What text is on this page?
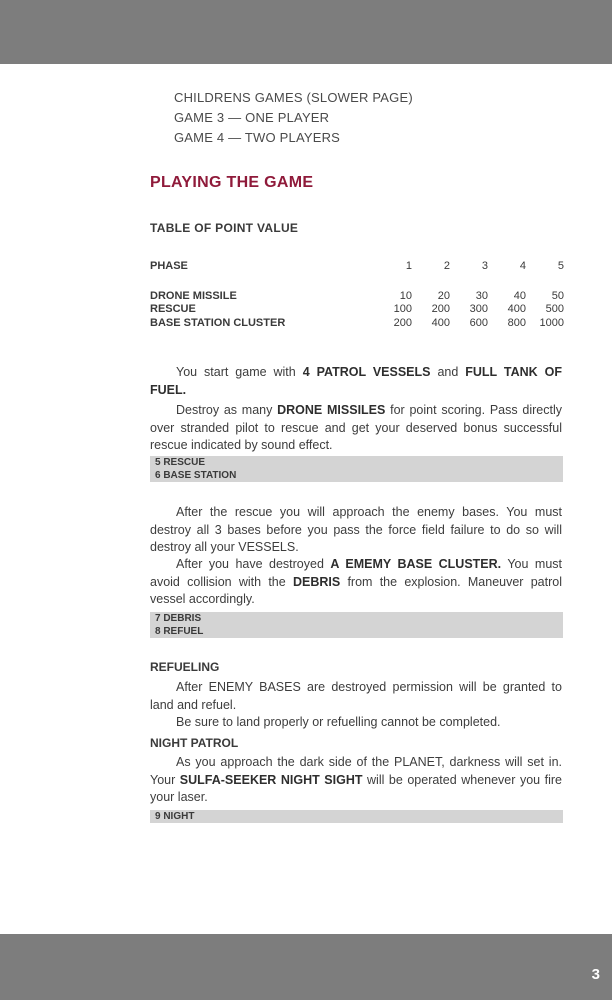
CHILDRENS GAMES (SLOWER PAGE)
GAME 3 — ONE PLAYER
GAME 4 — TWO PLAYERS
PLAYING THE GAME
TABLE OF POINT VALUE
PHASE	1	2	3	4	5
DRONE MISSILE	10	20	30	40	50
RESCUE	100	200	300	400	500
BASE STATION CLUSTER	200	400	600	800	1000
You start game with 4 PATROL VESSELS and FULL TANK OF FUEL.
Destroy as many DRONE MISSILES for point scoring. Pass directly over stranded pilot to rescue and get your deserved bonus successful rescue indicated by sound effect.
5 RESCUE
6 BASE STATION
After the rescue you will approach the enemy bases. You must destroy all 3 bases before you pass the force field failure to do so will destroy all your VESSELS.
After you have destroyed A EMEMY BASE CLUSTER. You must avoid collision with the DEBRIS from the explosion. Maneuver patrol vessel accordingly.
7 DEBRIS
8 REFUEL
REFUELING
After ENEMY BASES are destroyed permission will be granted to land and refuel.
Be sure to land properly or refuelling cannot be completed.
NIGHT PATROL
As you approach the dark side of the PLANET, darkness will set in. Your SULFA-SEEKER NIGHT SIGHT will be operated whenever you fire your laser.
9 NIGHT
3
